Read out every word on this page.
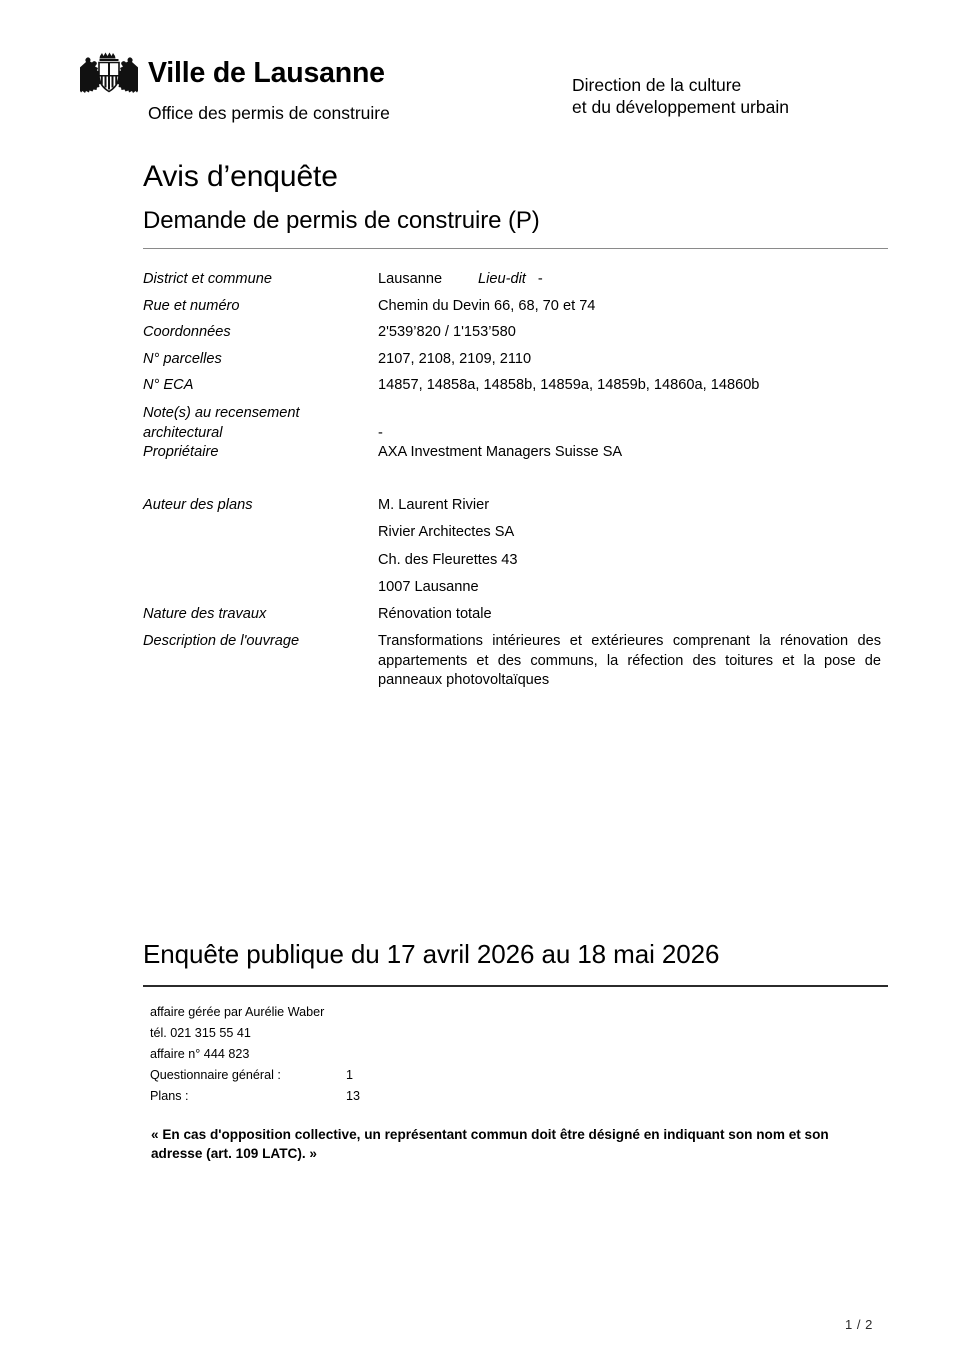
Ville de Lausanne
Office des permis de construire
Direction de la culture
et du développement urbain
Avis d’enquête
Demande de permis de construire (P)
District et commune	Lausanne Lieu-dit -
Rue et numéro	Chemin du Devin 66, 68, 70 et 74
Coordonnées	2'539’820 / 1'153’580
N° parcelles	2107, 2108, 2109, 2110
N° ECA	14857, 14858a, 14858b, 14859a, 14859b, 14860a, 14860b
Note(s) au recensement
architectural	-
Propriétaire	AXA Investment Managers Suisse SA
Auteur des plans	M. Laurent Rivier
Rivier Architectes SA
Ch. des Fleurettes 43
1007 Lausanne
Nature des travaux	Rénovation totale
Description de l'ouvrage	Transformations intérieures et extérieures comprenant la rénovation des appartements et des communs, la réfection des toitures et la pose de panneaux photovoltaïques
Enquête publique du 17 avril 2026 au 18 mai 2026
affaire gérée par Aurélie Waber
tél. 021 315 55 41
affaire n° 444 823
Questionnaire général :	1
Plans :	13
« En cas d'opposition collective, un représentant commun doit être désigné en indiquant son nom et son adresse (art. 109 LATC). »
1 / 2
